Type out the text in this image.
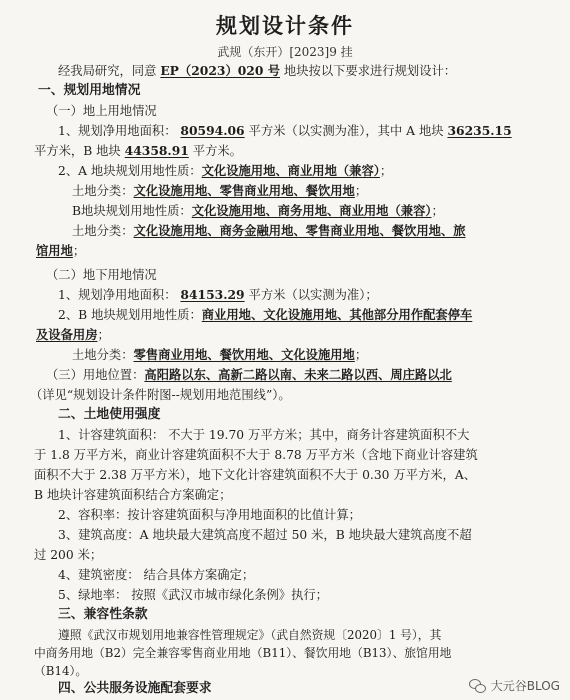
规划设计条件
武规（东开）[2023]9 挂
经我局研究，同意 EP（2023）020 号 地块按以下要求进行规划设计：
一、规划用地情况
（一）地上用地情况
1、规划净用地面积： 80594.06 平方米（以实测为准），其中 A 地块 36235.15
平方米，B 地块 44358.91 平方米。
2、A 地块规划用地性质：文化设施用地、商业用地（兼容）；
土地分类：文化设施用地、零售商业用地、餐饮用地；
B地块规划用地性质：文化设施用地、商务用地、商业用地（兼容）；
土地分类：文化设施用地、商务金融用地、零售商业用地、餐饮用地、旅
馆用地；
（二）地下用地情况
1、规划净用地面积： 84153.29 平方米（以实测为准）；
2、B 地块规划用地性质：商业用地、文化设施用地、其他部分用作配套停车
及设备用房；
土地分类：零售商业用地、餐饮用地、文化设施用地；
（三）用地位置：高阳路以东、高新二路以南、未来二路以西、周庄路以北
（详见“规划设计条件附图--规划用地范围线”）。
二、土地使用强度
1、计容建筑面积： 不大于 19.70 万平方米；其中，商务计容建筑面积不大
于 1.8 万平方米，商业计容建筑面积不大于 8.78 万平方米（含地下商业计容建筑
面积不大于 2.38 万平方米），地下文化计容建筑面积不大于 0.30 万平方米，A、
B 地块计容建筑面积结合方案确定；
2、容积率：按计容建筑面积与净用地面积的比值计算；
3、建筑高度：A 地块最大建筑高度不超过 50 米，B 地块最大建筑高度不超
过 200 米；
4、建筑密度： 结合具体方案确定；
5、绿地率： 按照《武汉市城市绿化条例》执行；
三、兼容性条款
遵照《武汉市规划用地兼容性管理规定》（武自然资规〔2020〕1 号），其
中商务用地（B2）完全兼容零售商业用地（B11）、餐饮用地（B13）、旅馆用地
（B14）。
四、公共服务设施配套要求	大元谷BLOG
